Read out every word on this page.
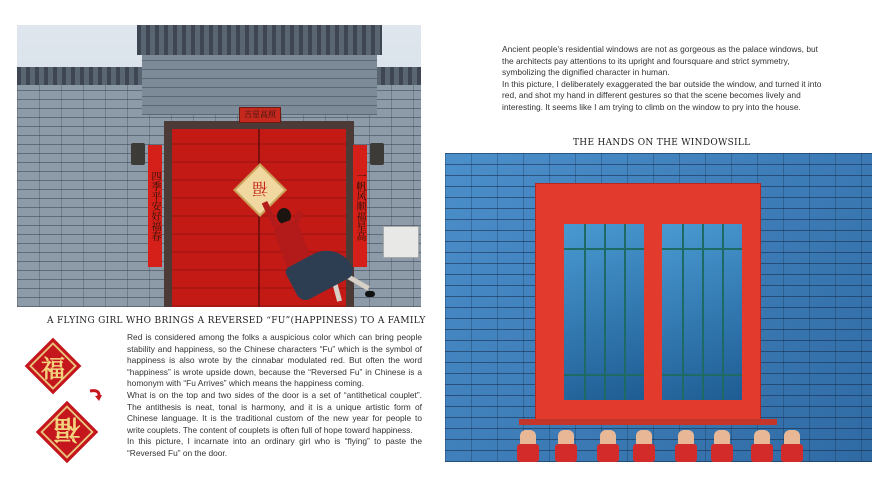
吉星高照
四季平安好福春	一帆风顺福星高
福
A FLYING GIRL WHO BRINGS A REVERSED “FU”(HAPPINESS) TO A FAMILY
福
福

Red is considered among the folks a auspicious color which can bring people stability and happiness, so the Chinese characters “Fu” which is the symbol of happiness is also wrote by the cinnabar modulated red. But often the word “happiness” is wrote upside down, because the “Reversed Fu” in Chinese is a homonym with “Fu Arrives” which means the happiness coming.

What is on the top and two sides of the door is a set of “antithetical couplet”. The antithesis is neat, tonal is harmony, and it is a unique artistic form of Chinese language. It is the traditional custom of the new year for people to write couplets. The content of couplets is often full of hope toward happiness.

In this picture, I incarnate into an ordinary girl who is “flying” to paste the “Reversed Fu” on the door.

Ancient people’s residential windows are not as gorgeous as the palace windows, but the architects pay attentions to its upright and foursquare and strict symmetry, symbolizing the dignified character in human.

In this picture, I deliberately exaggerated the bar outside the window, and turned it into red, and shot my hand in different gestures so that the scene becomes lively and interesting. It seems like I am trying to climb on the window to pry into the house.

THE HANDS ON THE WINDOWSILL
